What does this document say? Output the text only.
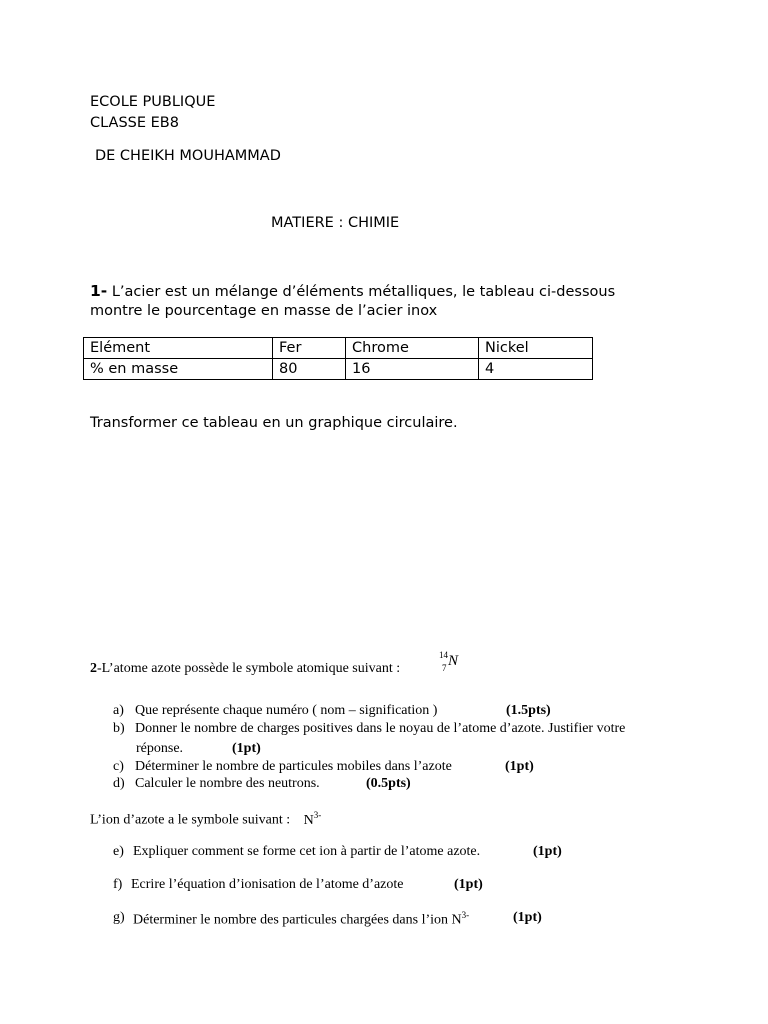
ECOLE PUBLIQUE
CLASSE EB8
DE CHEIKH MOUHAMMAD
MATIERE : CHIMIE
1- L’acier est un mélange d’éléments métalliques, le tableau ci-dessous
montre le pourcentage en masse de l’acier inox
Elément	Fer	Chrome	Nickel
% en masse	80	16	4
Transformer ce tableau en un graphique circulaire.
2-L’atome azote possède le symbole atomique suivant :
14
7 N
a) Que représente chaque numéro ( nom – signification )	(1.5pts)
b) Donner le nombre de charges positives dans le noyau de l’atome d’azote. Justifier votre
réponse.	(1pt)
c) Déterminer le nombre de particules mobiles dans l’azote	(1pt)
d) Calculer le nombre des neutrons.	(0.5pts)
L’ion d’azote a le symbole suivant : $N^{3-}$
e) Expliquer comment se forme cet ion à partir de l’atome azote.	(1pt)
f) Ecrire l’équation d’ionisation de l’atome d’azote	(1pt)
g) Déterminer le nombre des particules chargées dans l’ion $N^{3-}$	(1pt)
